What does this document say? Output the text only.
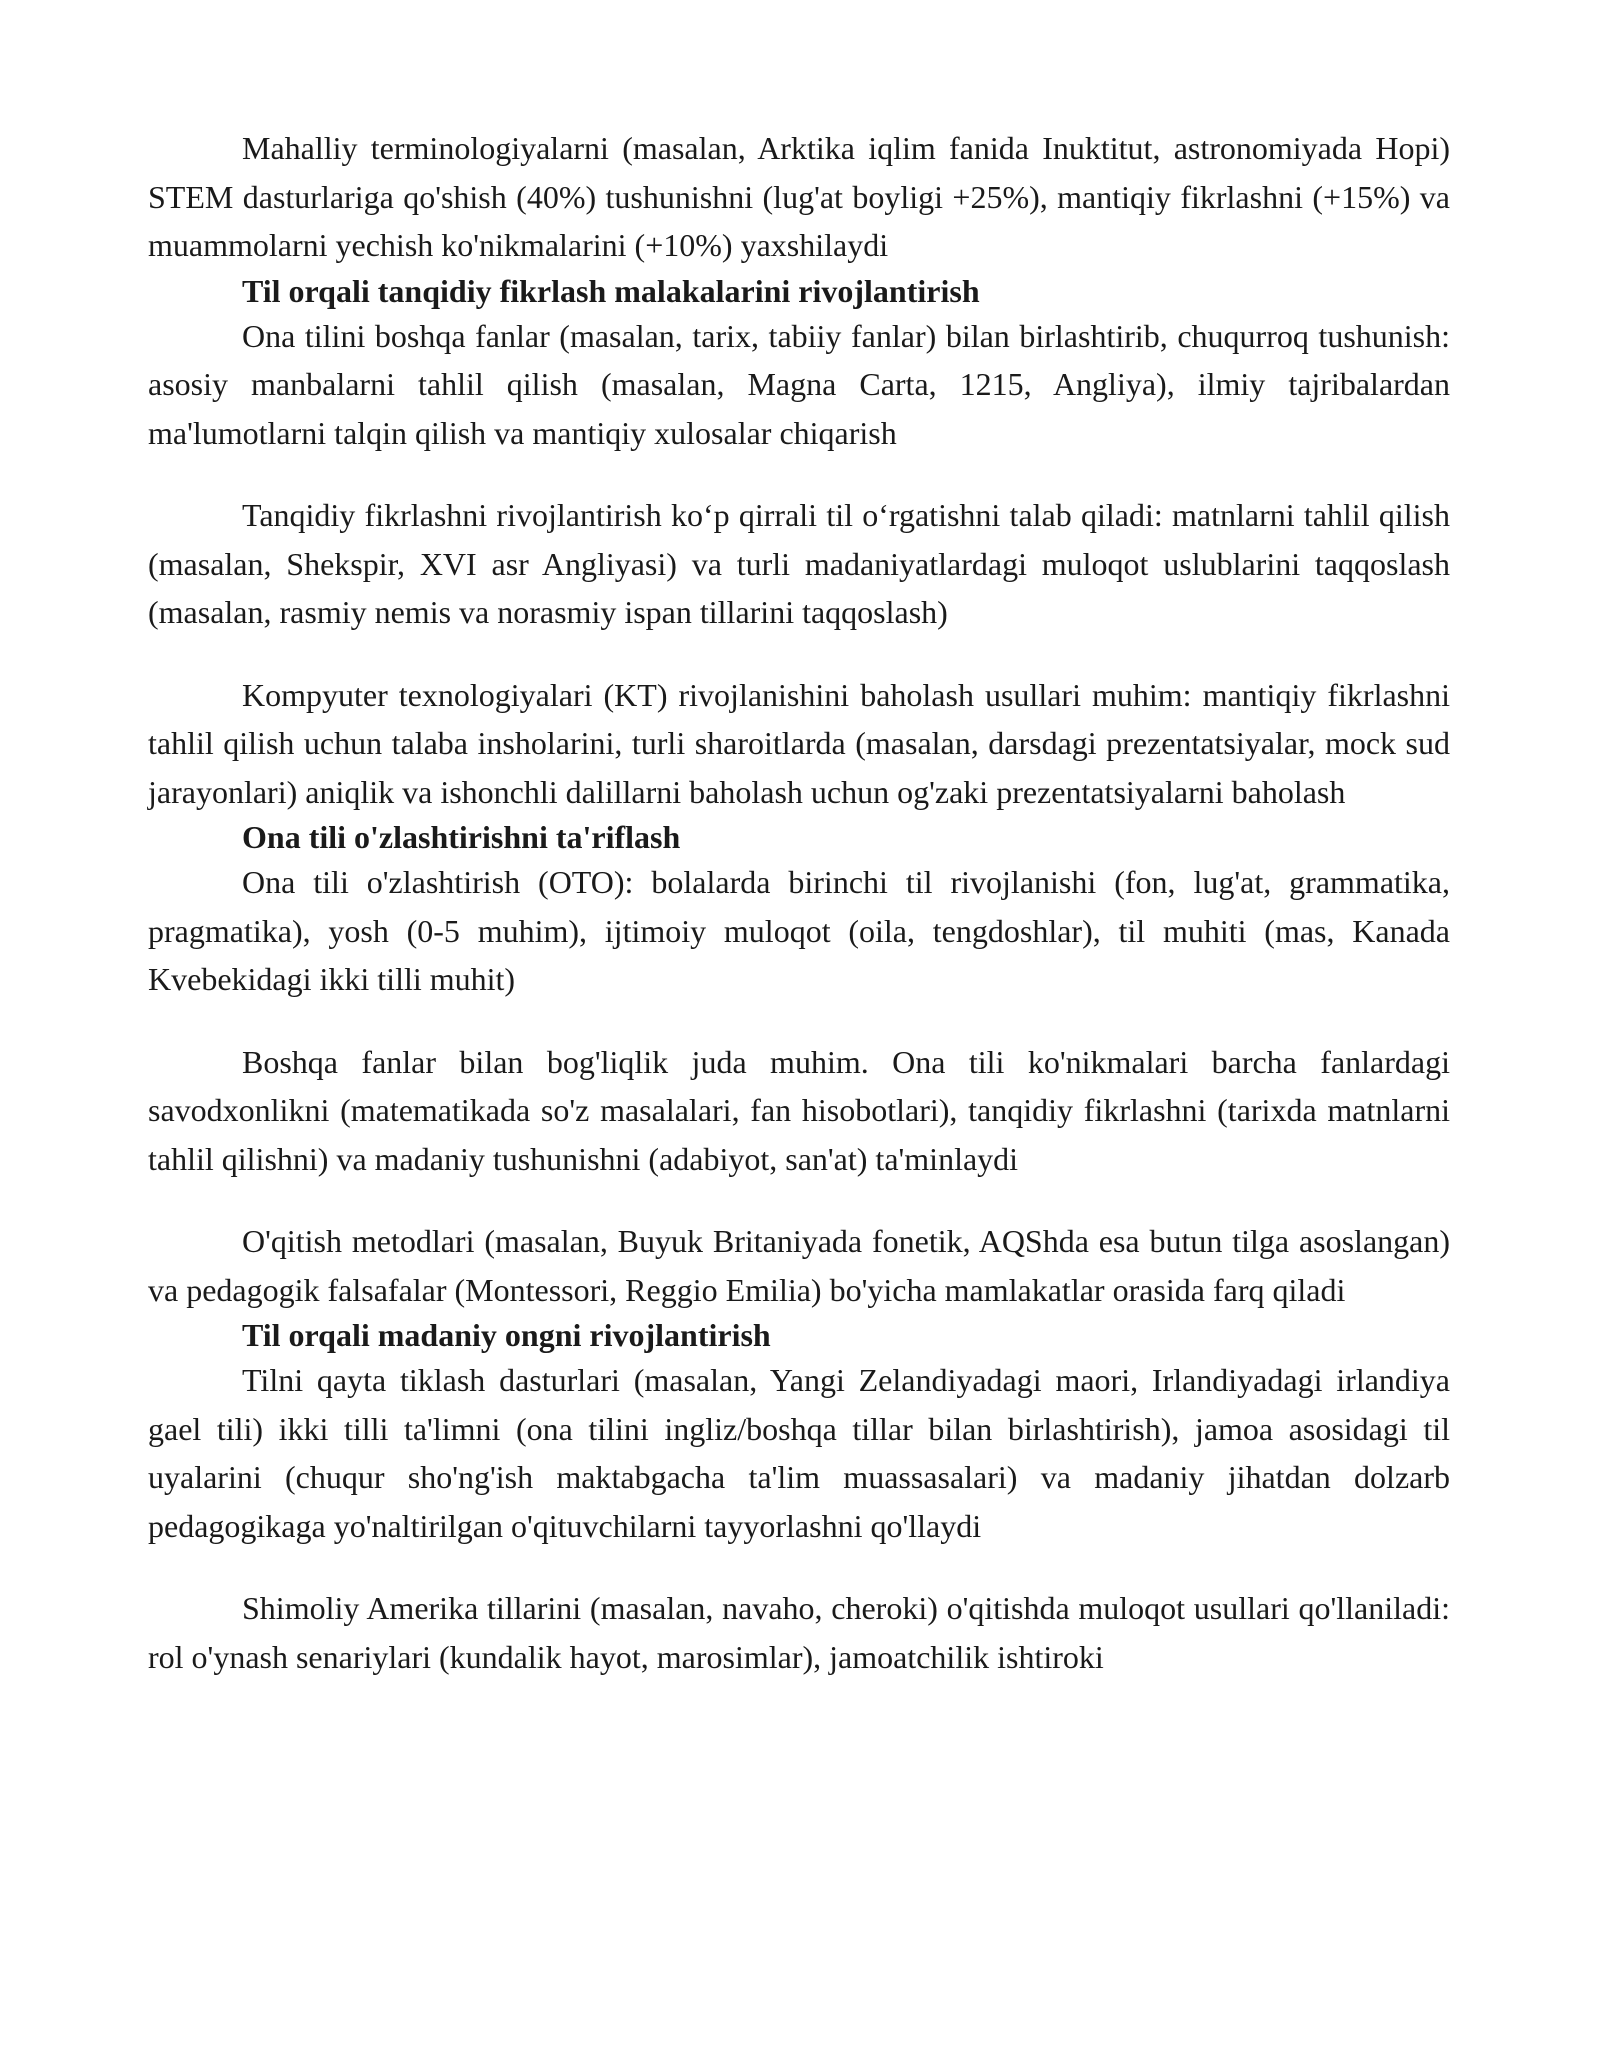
Mahalliy terminologiyalarni (masalan, Arktika iqlim fanida Inuktitut, astronomiyada Hopi) STEM dasturlariga qo'shish (40%) tushunishni (lug'at boyligi +25%), mantiqiy fikrlashni (+15%) va muammolarni yechish ko'nikmalarini (+10%) yaxshilaydi

Til orqali tanqidiy fikrlash malakalarini rivojlantirish

Ona tilini boshqa fanlar (masalan, tarix, tabiiy fanlar) bilan birlashtirib, chuqurroq tushunish: asosiy manbalarni tahlil qilish (masalan, Magna Carta, 1215, Angliya), ilmiy tajribalardan ma'lumotlarni talqin qilish va mantiqiy xulosalar chiqarish

Tanqidiy fikrlashni rivojlantirish ko‘p qirrali til o‘rgatishni talab qiladi: matnlarni tahlil qilish (masalan, Shekspir, XVI asr Angliyasi) va turli madaniyatlardagi muloqot uslublarini taqqoslash (masalan, rasmiy nemis va norasmiy ispan tillarini taqqoslash)

Kompyuter texnologiyalari (KT) rivojlanishini baholash usullari muhim: mantiqiy fikrlashni tahlil qilish uchun talaba insholarini, turli sharoitlarda (masalan, darsdagi prezentatsiyalar, mock sud jarayonlari) aniqlik va ishonchli dalillarni baholash uchun og'zaki prezentatsiyalarni baholash

Ona tili o'zlashtirishni ta'riflash

Ona tili o'zlashtirish (OTO): bolalarda birinchi til rivojlanishi (fon, lug'at, grammatika, pragmatika), yosh (0-5 muhim), ijtimoiy muloqot (oila, tengdoshlar), til muhiti (mas, Kanada Kvebekidagi ikki tilli muhit)

Boshqa fanlar bilan bog'liqlik juda muhim. Ona tili ko'nikmalari barcha fanlardagi savodxonlikni (matematikada so'z masalalari, fan hisobotlari), tanqidiy fikrlashni (tarixda matnlarni tahlil qilishni) va madaniy tushunishni (adabiyot, san'at) ta'minlaydi

O'qitish metodlari (masalan, Buyuk Britaniyada fonetik, AQShda esa butun tilga asoslangan) va pedagogik falsafalar (Montessori, Reggio Emilia) bo'yicha mamlakatlar orasida farq qiladi

Til orqali madaniy ongni rivojlantirish

Tilni qayta tiklash dasturlari (masalan, Yangi Zelandiyadagi maori, Irlandiyadagi irlandiya gael tili) ikki tilli ta'limni (ona tilini ingliz/boshqa tillar bilan birlashtirish), jamoa asosidagi til uyalarini (chuqur sho'ng'ish maktabgacha ta'lim muassasalari) va madaniy jihatdan dolzarb pedagogikaga yo'naltirilgan o'qituvchilarni tayyorlashni qo'llaydi

Shimoliy Amerika tillarini (masalan, navaho, cheroki) o'qitishda muloqot usullari qo'llaniladi: rol o'ynash senariylari (kundalik hayot, marosimlar), jamoatchilik ishtiroki
